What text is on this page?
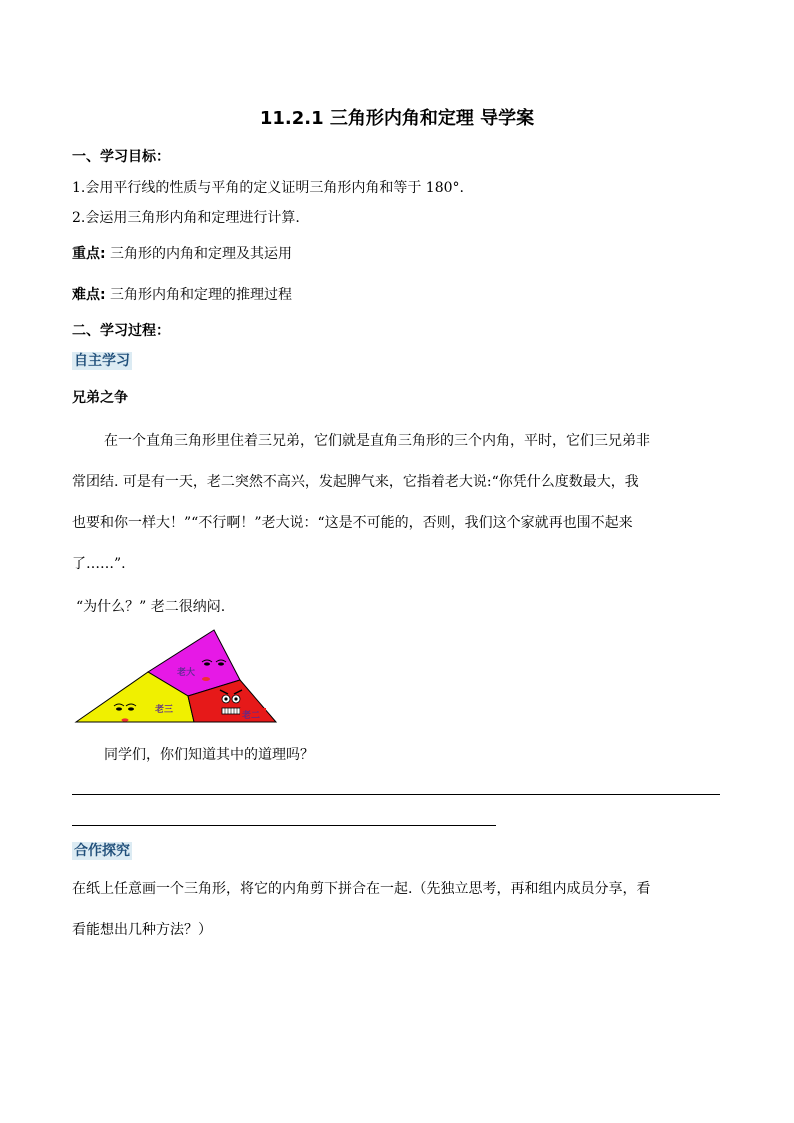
11.2.1 三角形内角和定理 导学案
一、学习目标：
1.会用平行线的性质与平角的定义证明三角形内角和等于 180°.
2.会运用三角形内角和定理进行计算.
重点: 三角形的内角和定理及其运用
难点: 三角形内角和定理的推理过程
二、学习过程：
自主学习
兄弟之争
在一个直角三角形里住着三兄弟，它们就是直角三角形的三个内角，平时，它们三兄弟非
常团结. 可是有一天，老二突然不高兴，发起脾气来，它指着老大说:“你凭什么度数最大，我
也要和你一样大！”“不行啊！”老大说：“这是不可能的，否则，我们这个家就再也围不起来
了……”.
“为什么？” 老二很纳闷.
老大
老三
老二
同学们，你们知道其中的道理吗？
合作探究
在纸上任意画一个三角形，将它的内角剪下拼合在一起.（先独立思考，再和组内成员分享，看
看能想出几种方法？）
